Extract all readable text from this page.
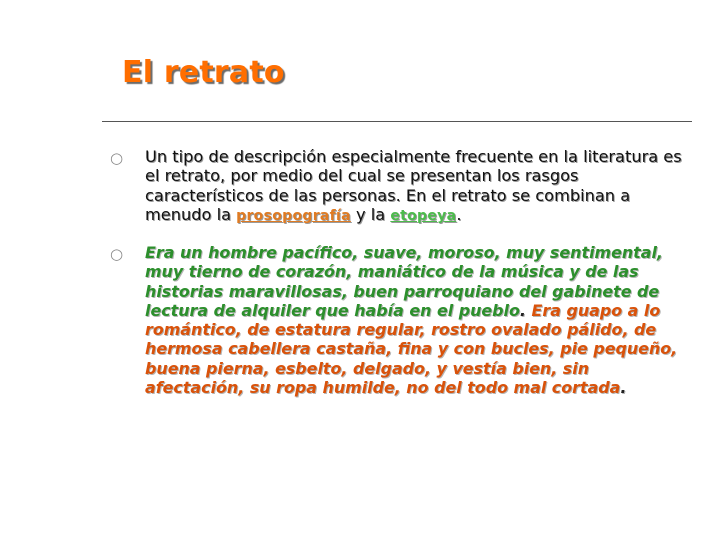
El retrato
○	Un tipo de descripción especialmente frecuente en la literatura es el retrato, por medio del cual se presentan los rasgos característicos de las personas. En el retrato se combinan a menudo la prosopografía y la etopeya.
○	Era un hombre pacífico, suave, moroso, muy sentimental, muy tierno de corazón, maniático de la música y de las historias maravillosas, buen parroquiano del gabinete de lectura de alquiler que había en el pueblo. Era guapo a lo romántico, de estatura regular, rostro ovalado pálido, de hermosa cabellera castaña, fina y con bucles, pie pequeño, buena pierna, esbelto, delgado, y vestía bien, sin afectación, su ropa humilde, no del todo mal cortada.
